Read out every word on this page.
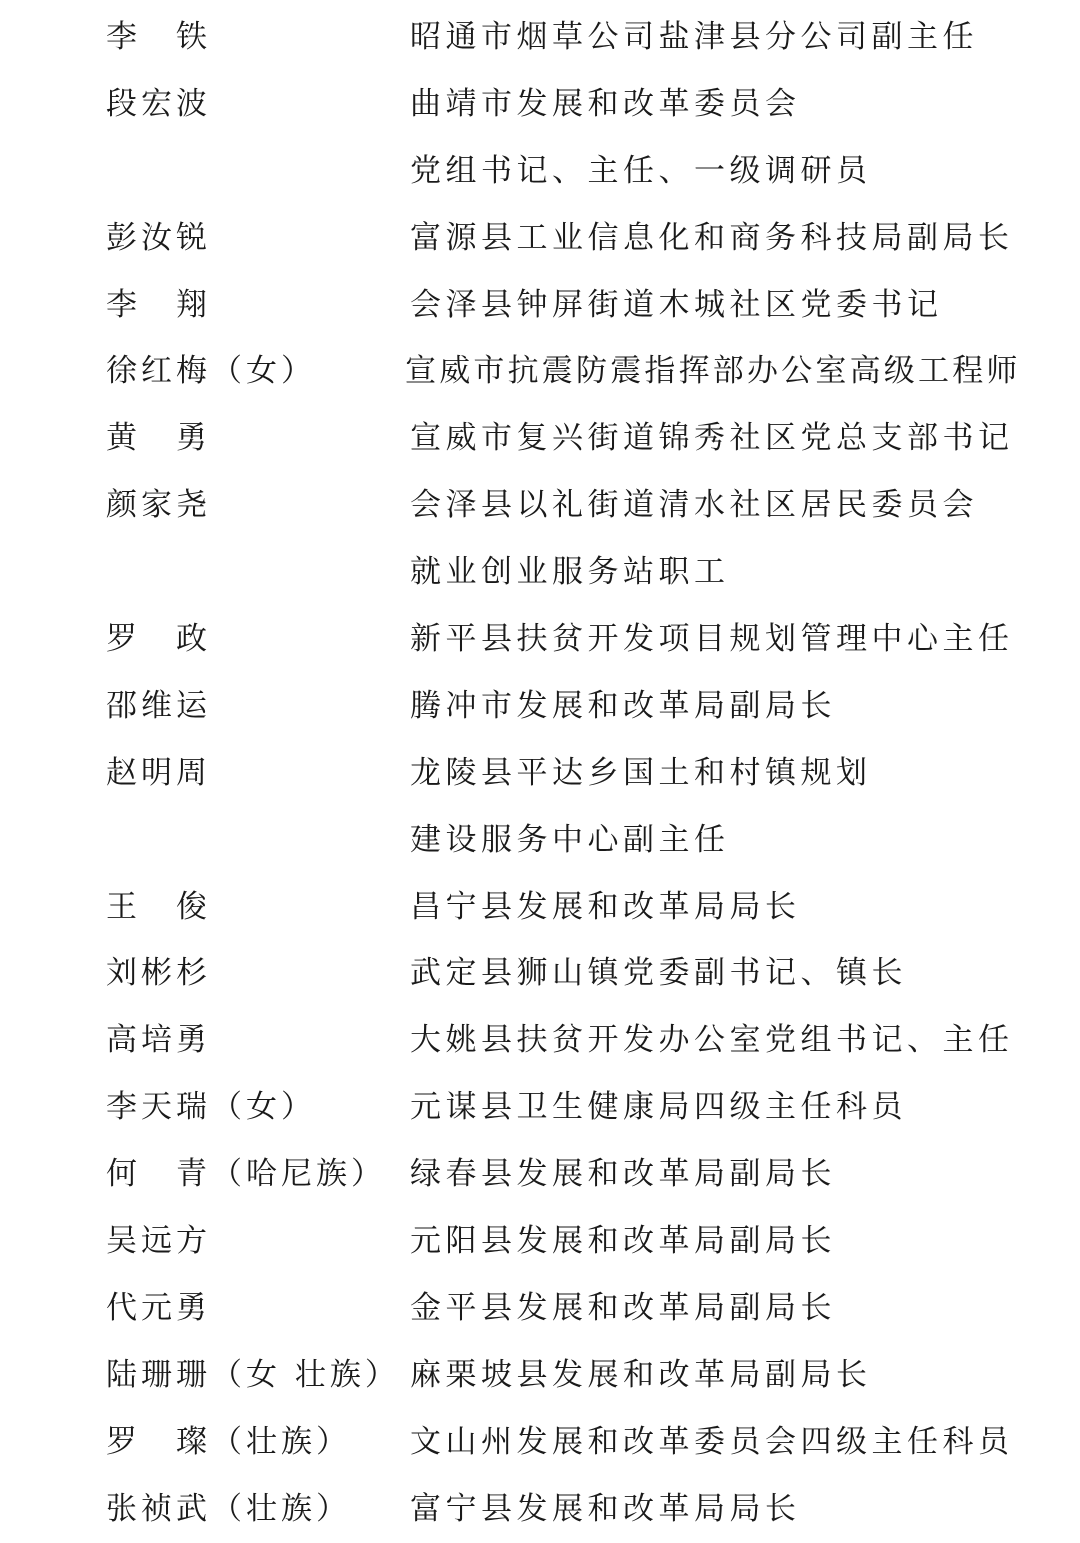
李　铁	昭通市烟草公司盐津县分公司副主任
段宏波	曲靖市发展和改革委员会
党组书记、主任、一级调研员
彭汝锐	富源县工业信息化和商务科技局副局长
李　翔	会泽县钟屏街道木城社区党委书记
徐红梅（女）	宣威市抗震防震指挥部办公室高级工程师
黄　勇	宣威市复兴街道锦秀社区党总支部书记
颜家尧	会泽县以礼街道清水社区居民委员会
就业创业服务站职工
罗　政	新平县扶贫开发项目规划管理中心主任
邵维运	腾冲市发展和改革局副局长
赵明周	龙陵县平达乡国土和村镇规划
建设服务中心副主任
王　俊	昌宁县发展和改革局局长
刘彬杉	武定县狮山镇党委副书记、镇长
高培勇	大姚县扶贫开发办公室党组书记、主任
李天瑞（女）	元谋县卫生健康局四级主任科员
何　青（哈尼族） 绿春县发展和改革局副局长
吴远方	元阳县发展和改革局副局长
代元勇	金平县发展和改革局副局长
陆珊珊（女 壮族） 麻栗坡县发展和改革局副局长
罗　璨（壮族）	文山州发展和改革委员会四级主任科员
张祯武（壮族）	富宁县发展和改革局局长
